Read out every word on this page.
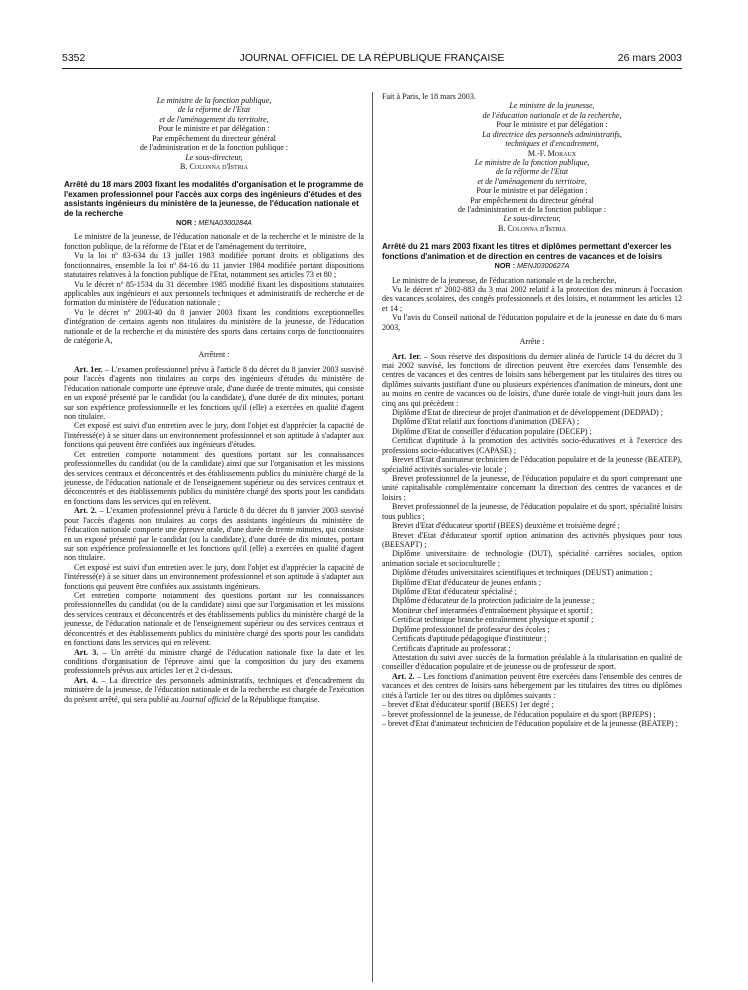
5352	JOURNAL OFFICIEL DE LA RÉPUBLIQUE FRANÇAISE	26 mars 2003
Le ministre de la fonction publique,
de la réforme de l'Etat
et de l'aménagement du territoire,
Pour le ministre et par délégation :
Par empêchement du directeur général
de l'administration et de la fonction publique :
Le sous-directeur,
B. Colonna d'Istria
Arrêté du 18 mars 2003 fixant les modalités d'organisation et le programme de l'examen professionnel pour l'accès aux corps des ingénieurs d'études et des assistants ingénieurs du ministère de la jeunesse, de l'éducation nationale et de la recherche
NOR : MENA0300284A
Le ministre de la jeunesse, de l'éducation nationale et de la recherche et le ministre de la fonction publique, de la réforme de l'Etat et de l'aménagement du territoire,
Vu la loi nº 83-634 du 13 juillet 1983 modifiée portant droits et obligations des fonctionnaires, ensemble la loi nº 84-16 du 11 janvier 1984 modifiée portant dispositions statutaires relatives à la fonction publique de l'Etat, notamment ses articles 73 et 80 ;
Vu le décret nº 85-1534 du 31 décembre 1985 modifié fixant les dispositions statutaires applicables aux ingénieurs et aux personnels techniques et administratifs de recherche et de formation du ministère de l'éducation nationale ;
Vu le décret nº 2003-40 du 8 janvier 2003 fixant les conditions exceptionnelles d'intégration de certains agents non titulaires du ministère de la jeunesse, de l'éducation nationale et de la recherche et du ministère des sports dans certains corps de fonctionnaires de catégorie A,
Arrêtent :
Art. 1er. – L'examen professionnel prévu à l'article 8 du décret du 8 janvier 2003 susvisé pour l'accès d'agents non titulaires au corps des ingénieurs d'études du ministère de l'éducation nationale comporte une épreuve orale, d'une durée de trente minutes, qui consiste en un exposé présenté par le candidat (ou la candidate), d'une durée de dix minutes, portant sur son expérience professionnelle et les fonctions qu'il (elle) a exercées en qualité d'agent non titulaire.
Cet exposé est suivi d'un entretien avec le jury, dont l'objet est d'apprécier la capacité de l'intéressé(e) à se situer dans un environnement professionnel et son aptitude à s'adapter aux fonctions qui peuvent être confiées aux ingénieurs d'études.
Cet entretien comporte notamment des questions portant sur les connaissances professionnelles du candidat (ou de la candidate) ainsi que sur l'organisation et les missions des services centraux et déconcentrés et des établissements publics du ministère chargé de la jeunesse, de l'éducation nationale et de l'enseignement supérieur ou des services centraux et déconcentrés et des établissements publics du ministère chargé des sports pour les candidats en fonctions dans les services qui en relèvent.
Art. 2. – L'examen professionnel prévu à l'article 8 du décret du 8 janvier 2003 susvisé pour l'accès d'agents non titulaires au corps des assistants ingénieurs du ministère de l'éducation nationale comporte une épreuve orale, d'une durée de trente minutes, qui consiste en un exposé présenté par le candidat (ou la candidate), d'une durée de dix minutes, portant sur son expérience professionnelle et les fonctions qu'il (elle) a exercées en qualité d'agent non titulaire.
Cet exposé est suivi d'un entretien avec le jury, dont l'objet est d'apprécier la capacité de l'intéressé(e) à se situer dans un environnement professionnel et son aptitude à s'adapter aux fonctions qui peuvent être confiées aux assistants ingénieurs.
Cet entretien comporte notamment des questions portant sur les connaissances professionnelles du candidat (ou de la candidate) ainsi que sur l'organisation et les missions des services centraux et déconcentrés et des établissements publics du ministère chargé de la jeunesse, de l'éducation nationale et de l'enseignement supérieur ou des services centraux et déconcentrés et des établissements publics du ministère chargé des sports pour les candidats en fonctions dans les services qui en relèvent.
Art. 3. – Un arrêté du ministre chargé de l'éducation nationale fixe la date et les conditions d'organisation de l'épreuve ainsi que la composition du jury des examens professionnels prévus aux articles 1er et 2 ci-dessus.
Art. 4. – La directrice des personnels administratifs, techniques et d'encadrement du ministère de la jeunesse, de l'éducation nationale et de la recherche est chargée de l'exécution du présent arrêté, qui sera publié au Journal officiel de la République française.
Fait à Paris, le 18 mars 2003.
Le ministre de la jeunesse,
de l'éducation nationale et de la recherche,
Pour le ministre et par délégation :
La directrice des personnels administratifs,
techniques et d'encadrement,
M.-F. Moraux
Le ministre de la fonction publique,
de la réforme de l'Etat
et de l'aménagement du territoire,
Pour le ministre et par délégation :
Par empêchement du directeur général
de l'administration et de la fonction publique :
Le sous-directeur,
B. Colonna d'Istria
Arrêté du 21 mars 2003 fixant les titres et diplômes permettant d'exercer les fonctions d'animation et de direction en centres de vacances et de loisirs
NOR : MENJ0300627A
Le ministre de la jeunesse, de l'éducation nationale et de la recherche,
Vu le décret nº 2002-883 du 3 mai 2002 relatif à la protection des mineurs à l'occasion des vacances scolaires, des congés professionnels et des loisirs, et notamment les articles 12 et 14 ;
Vu l'avis du Conseil national de l'éducation populaire et de la jeunesse en date du 6 mars 2003,
Arrête :
Art. 1er. – Sous réserve des dispositions du dernier alinéa de l'article 14 du décret du 3 mai 2002 susvisé, les fonctions de direction peuvent être exercées dans l'ensemble des centres de vacances et des centres de loisirs sans hébergement par les titulaires des titres ou diplômes suivants justifiant d'une ou plusieurs expériences d'animation de mineurs, dont une au moins en centre de vacances ou de loisirs, d'une durée totale de vingt-huit jours dans les cinq ans qui précèdent :
Diplôme d'Etat de directeur de projet d'animation et de développement (DEDPAD) ;
Diplôme d'Etat relatif aux fonctions d'animation (DEFA) ;
Diplôme d'Etat de conseiller d'éducation populaire (DECEP) ;
Certificat d'aptitude à la promotion des activités socio-éducatives et à l'exercice des professions socio-éducatives (CAPASE) ;
Brevet d'Etat d'animateur technicien de l'éducation populaire et de la jeunesse (BEATEP), spécialité activités sociales-vie locale ;
Brevet professionnel de la jeunesse, de l'éducation populaire et du sport comprenant une unité capitalisable complémentaire concernant la direction des centres de vacances et de loisirs ;
Brevet professionnel de la jeunesse, de l'éducation populaire et du sport, spécialité loisirs tous publics ;
Brevet d'Etat d'éducateur sportif (BEES) deuxième et troisième degré ;
Brevet d'Etat d'éducateur sportif option animation des activités physiques pour tous (BEESAPT) ;
Diplôme universitaire de technologie (DUT), spécialité carrières sociales, option animation sociale et socioculturelle ;
Diplôme d'études universitaires scientifiques et techniques (DEUST) animation ;
Diplôme d'Etat d'éducateur de jeunes enfants ;
Diplôme d'Etat d'éducateur spécialisé ;
Diplôme d'éducateur de la protection judiciaire de la jeunesse ;
Moniteur chef interarmées d'entraînement physique et sportif ;
Certificat technique branche entraînement physique et sportif ;
Diplôme professionnel de professeur des écoles ;
Certificats d'aptitude pédagogique d'instituteur ;
Certificats d'aptitude au professorat ;
Attestation du suivi avec succès de la formation préalable à la titularisation en qualité de conseiller d'éducation populaire et de jeunesse ou de professeur de sport.
Art. 2. – Les fonctions d'animation peuvent être exercées dans l'ensemble des centres de vacances et des centres de loisirs sans hébergement par les titulaires des titres ou diplômes cités à l'article 1er ou des titres ou diplômes suivants :
– brevet d'Etat d'éducateur sportif (BEES) 1er degré ;
– brevet professionnel de la jeunesse, de l'éducation populaire et du sport (BPJEPS) ;
– brevet d'Etat d'animateur technicien de l'éducation populaire et de la jeunesse (BEATEP) ;
